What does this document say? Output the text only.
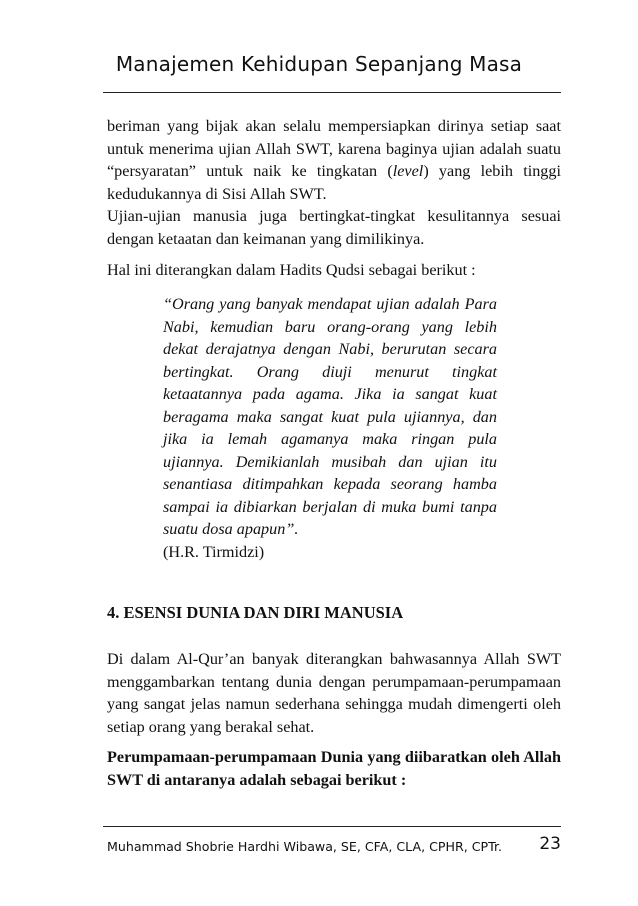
Manajemen Kehidupan Sepanjang Masa

beriman yang bijak akan selalu mempersiapkan dirinya setiap saat untuk menerima ujian Allah SWT, karena baginya ujian adalah suatu “persyaratan” untuk naik ke tingkatan (level) yang lebih tinggi kedudukannya di Sisi Allah SWT.

Ujian-ujian manusia juga bertingkat-tingkat kesulitannya sesuai dengan ketaatan dan keimanan yang dimilikinya.

Hal ini diterangkan dalam Hadits Qudsi sebagai berikut :

“Orang yang banyak mendapat ujian adalah Para Nabi, kemudian baru orang-orang yang lebih dekat derajatnya dengan Nabi, berurutan secara bertingkat. Orang diuji menurut tingkat ketaatannya pada agama. Jika ia sangat kuat beragama maka sangat kuat pula ujiannya, dan jika ia lemah agamanya maka ringan pula ujiannya. Demikianlah musibah dan ujian itu senantiasa ditimpahkan kepada seorang hamba sampai ia dibiarkan berjalan di muka bumi tanpa suatu dosa apapun”.
(H.R. Tirmidzi)
4. ESENSI DUNIA DAN DIRI MANUSIA

Di dalam Al-Qur’an banyak diterangkan bahwasannya Allah SWT menggambarkan tentang dunia dengan perumpamaan-perumpamaan yang sangat jelas namun sederhana sehingga mudah dimengerti oleh setiap orang yang berakal sehat.

Perumpamaan-perumpamaan Dunia yang diibaratkan oleh Allah SWT di antaranya adalah sebagai berikut :

Muhammad Shobrie Hardhi Wibawa, SE, CFA, CLA, CPHR, CPTr. 23
